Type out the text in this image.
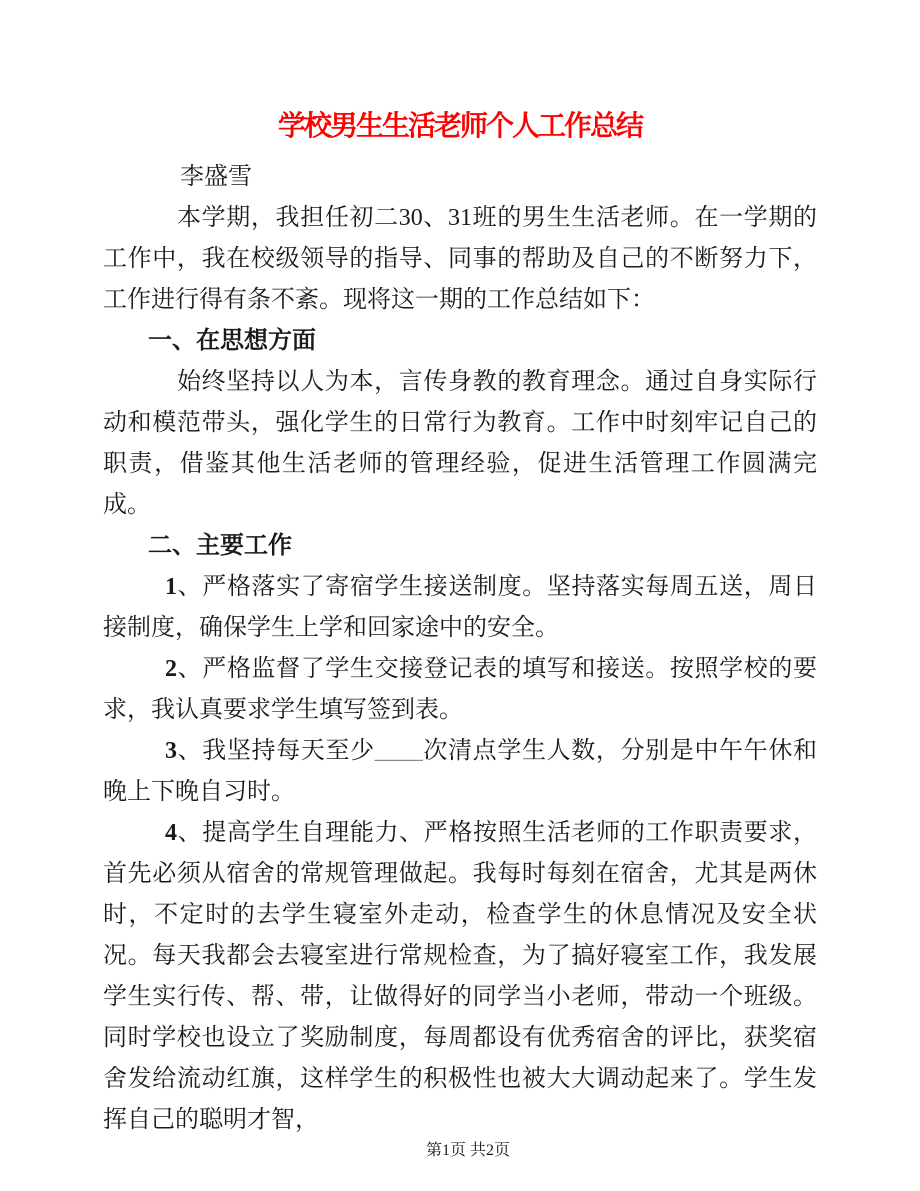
学校男生生活老师个人工作总结

李盛雪

本学期，我担任初二30、31班的男生生活老师。在一学期的工作中，我在校级领导的指导、同事的帮助及自己的不断努力下，工作进行得有条不紊。现将这一期的工作总结如下：

一、在思想方面

始终坚持以人为本，言传身教的教育理念。通过自身实际行动和模范带头，强化学生的日常行为教育。工作中时刻牢记自己的职责，借鉴其他生活老师的管理经验，促进生活管理工作圆满完成。

二、主要工作

1、严格落实了寄宿学生接送制度。坚持落实每周五送，周日接制度，确保学生上学和回家途中的安全。

2、严格监督了学生交接登记表的填写和接送。按照学校的要求，我认真要求学生填写签到表。

3、我坚持每天至少____次清点学生人数，分别是中午午休和晚上下晚自习时。

4、提高学生自理能力、严格按照生活老师的工作职责要求，首先必须从宿舍的常规管理做起。我每时每刻在宿舍，尤其是两休时，不定时的去学生寝室外走动，检查学生的休息情况及安全状况。每天我都会去寝室进行常规检查，为了搞好寝室工作，我发展学生实行传、帮、带，让做得好的同学当小老师，带动一个班级。同时学校也设立了奖励制度，每周都设有优秀宿舍的评比，获奖宿舍发给流动红旗，这样学生的积极性也被大大调动起来了。学生发挥自己的聪明才智，

第1页 共2页
